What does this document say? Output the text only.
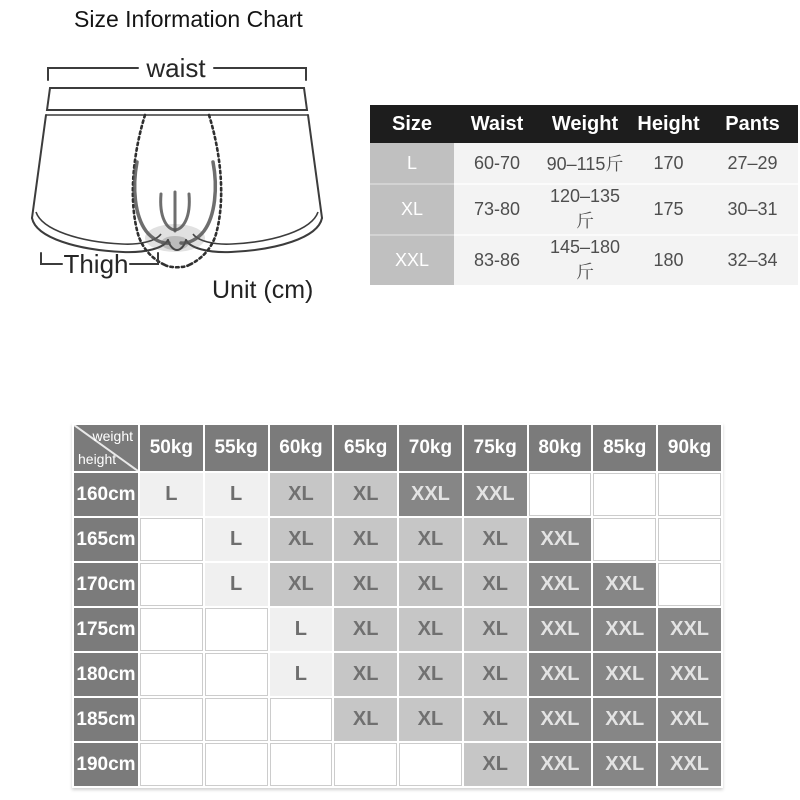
Size Information Chart
waist
Thigh
Unit (cm)
Size	Waist	Weight	Height	Pants
L	60-70	90–115斤	170	27–29
XL	73-80	120–135斤	175	30–31
XXL	83-86	145–180斤	180	32–34
weight
height	50kg	55kg	60kg	65kg	70kg	75kg	80kg	85kg	90kg
160cm	L	L	XL	XL	XXL	XXL			
165cm		L	XL	XL	XL	XL	XXL		
170cm		L	XL	XL	XL	XL	XXL	XXL	
175cm			L	XL	XL	XL	XXL	XXL	XXL
180cm			L	XL	XL	XL	XXL	XXL	XXL
185cm				XL	XL	XL	XXL	XXL	XXL
190cm						XL	XXL	XXL	XXL
